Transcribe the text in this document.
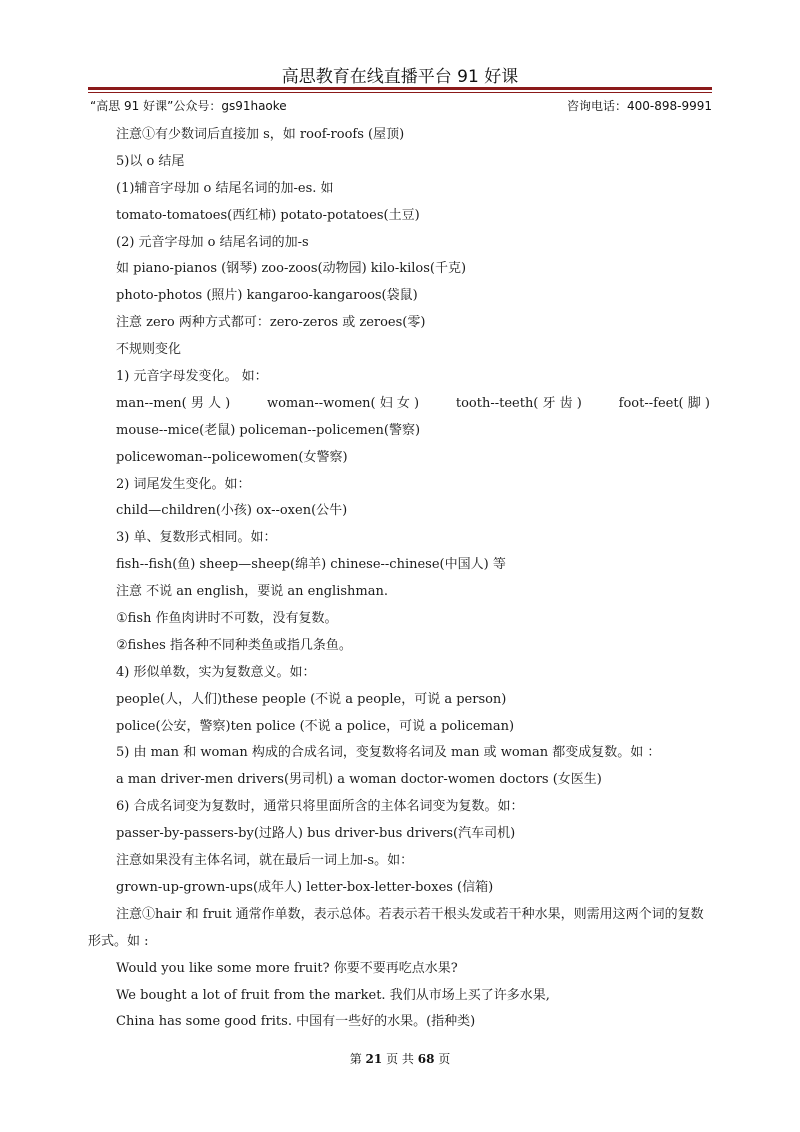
高思教育在线直播平台 91 好课
“高思 91 好课”公众号：gs91haoke	咨询电话：400-898-9991
注意①有少数词后直接加 s，如 roof-roofs (屋顶)
5)以 o 结尾
(1)辅音字母加 o 结尾名词的加-es. 如
tomato-tomatoes(西红柿) potato-potatoes(土豆)
(2) 元音字母加 o 结尾名词的加-s
如 piano-pianos (钢琴) zoo-zoos(动物园) kilo-kilos(千克)
photo-photos (照片) kangaroo-kangaroos(袋鼠)
注意 zero 两种方式都可：zero-zeros 或 zeroes(零)
不规则变化
1) 元音字母发变化。 如：
man--men( 男 人 )	woman--women( 妇 女 )	tooth--teeth( 牙 齿 )	foot--feet( 脚 )
mouse--mice(老鼠) policeman--policemen(警察)
policewoman--policewomen(女警察)
2) 词尾发生变化。如：
child—children(小孩) ox--oxen(公牛)
3) 单、复数形式相同。如：
fish--fish(鱼) sheep—sheep(绵羊) chinese--chinese(中国人) 等
注意 不说 an english，要说 an englishman.
①fish 作鱼肉讲时不可数，没有复数。
②fishes 指各种不同种类鱼或指几条鱼。
4) 形似单数，实为复数意义。如：
people(人，人们)these people (不说 a people，可说 a person)
police(公安，警察)ten police (不说 a police，可说 a policeman)
5) 由 man 和 woman 构成的合成名词，变复数将名词及 man 或 woman 都变成复数。如 ：
a man driver-men drivers(男司机) a woman doctor-women doctors (女医生)
6) 合成名词变为复数时，通常只将里面所含的主体名词变为复数。如：
passer-by-passers-by(过路人) bus driver-bus drivers(汽车司机)
注意如果没有主体名词，就在最后一词上加-s。如：
grown-up-grown-ups(成年人) letter-box-letter-boxes (信箱)
注意①hair 和 fruit 通常作单数，表示总体。若表示若干根头发或若干种水果，则需用这两个词的复数形式。如 :
Would you like some more fruit? 你要不要再吃点水果?
We bought a lot of fruit from the market. 我们从市场上买了许多水果,
China has some good frits. 中国有一些好的水果。(指种类)
第 21 页 共 68 页
